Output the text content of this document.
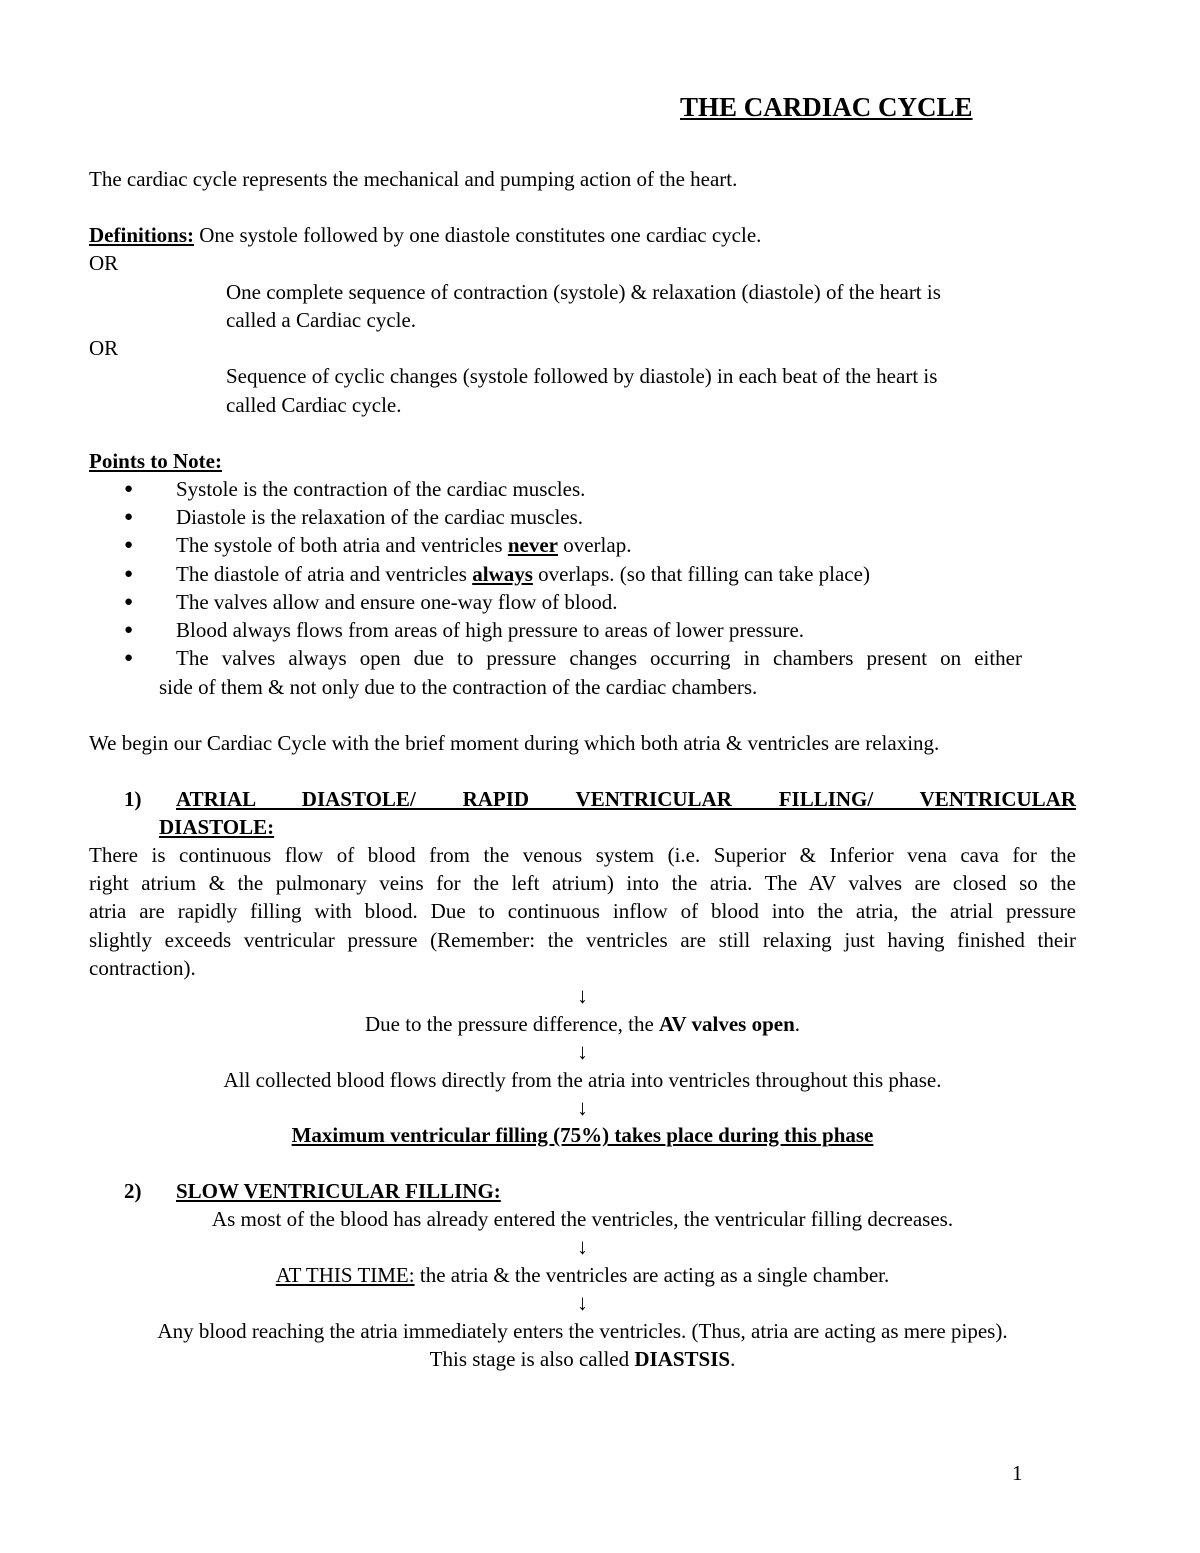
THE CARDIAC CYCLE
The cardiac cycle represents the mechanical and pumping action of the heart.
Definitions: One systole followed by one diastole constitutes one cardiac cycle.
OR
One complete sequence of contraction (systole) & relaxation (diastole) of the heart is
called a Cardiac cycle.
OR
Sequence of cyclic changes (systole followed by diastole) in each beat of the heart is
called Cardiac cycle.
Points to Note:
● Systole is the contraction of the cardiac muscles.
● Diastole is the relaxation of the cardiac muscles.
● The systole of both atria and ventricles never overlap.
● The diastole of atria and ventricles always overlaps. (so that filling can take place)
● The valves allow and ensure one-way flow of blood.
● Blood always flows from areas of high pressure to areas of lower pressure.
● The valves always open due to pressure changes occurring in chambers present on either
side of them & not only due to the contraction of the cardiac chambers.
We begin our Cardiac Cycle with the brief moment during which both atria & ventricles are relaxing.
1) ATRIAL DIASTOLE/ RAPID VENTRICULAR FILLING/ VENTRICULAR
DIASTOLE:
There is continuous flow of blood from the venous system (i.e. Superior & Inferior vena cava for the
right atrium & the pulmonary veins for the left atrium) into the atria. The AV valves are closed so the
atria are rapidly filling with blood. Due to continuous inflow of blood into the atria, the atrial pressure
slightly exceeds ventricular pressure (Remember: the ventricles are still relaxing just having finished their
contraction).
↓
Due to the pressure difference, the AV valves open.
↓
All collected blood flows directly from the atria into ventricles throughout this phase.
↓
Maximum ventricular filling (75%) takes place during this phase
2) SLOW VENTRICULAR FILLING:
As most of the blood has already entered the ventricles, the ventricular filling decreases.
↓
AT THIS TIME: the atria & the ventricles are acting as a single chamber.
↓
Any blood reaching the atria immediately enters the ventricles. (Thus, atria are acting as mere pipes).
This stage is also called DIASTSIS.
1
